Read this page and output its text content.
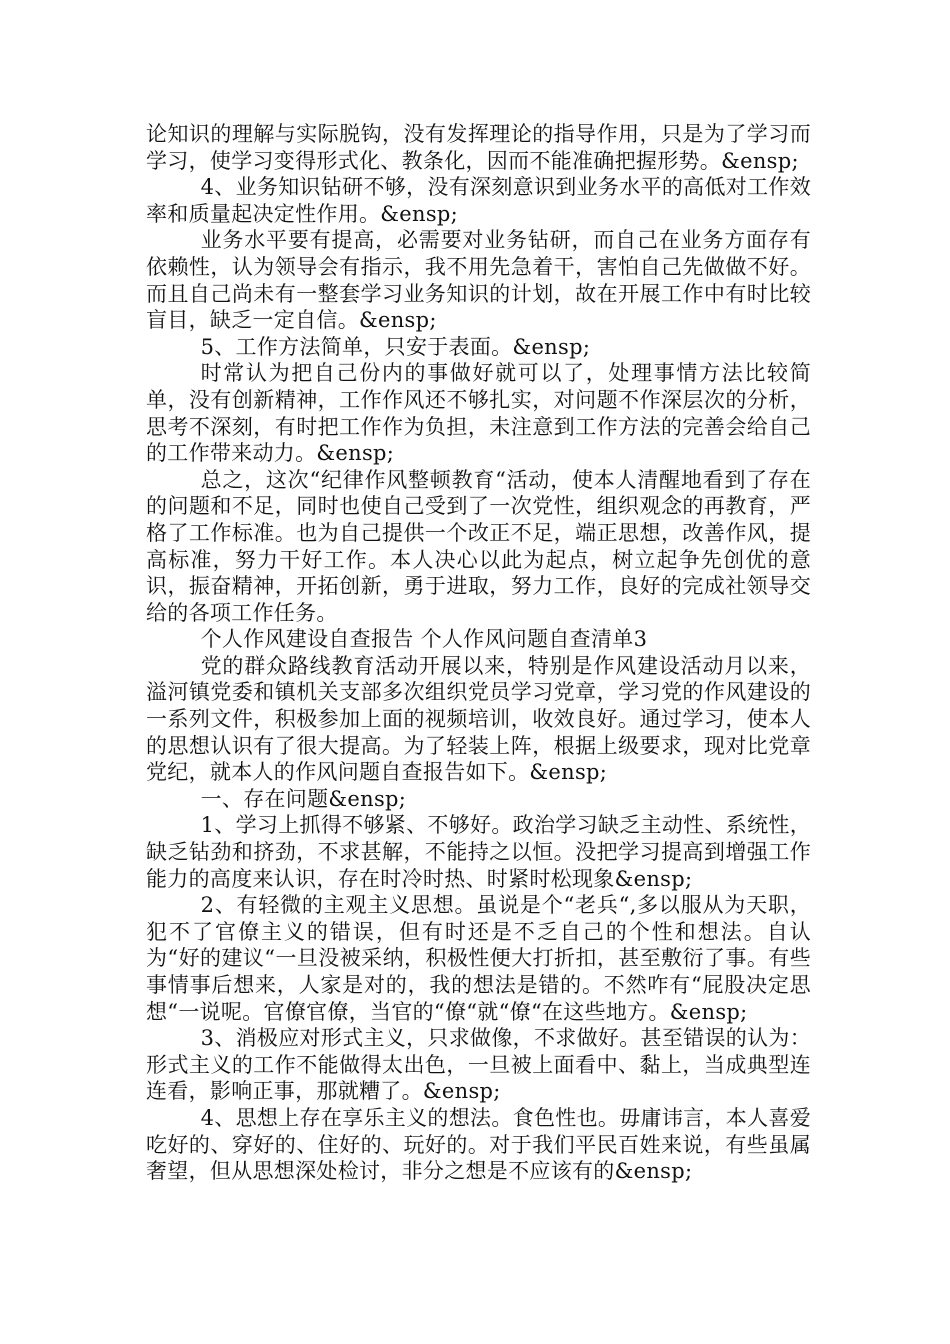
论知识的理解与实际脱钩，没有发挥理论的指导作用，只是为了学习而学习，使学习变得形式化、教条化，因而不能准确把握形势。&ensp;

4、业务知识钻研不够，没有深刻意识到业务水平的高低对工作效率和质量起决定性作用。&ensp;

业务水平要有提高，必需要对业务钻研，而自己在业务方面存有依赖性，认为领导会有指示，我不用先急着干，害怕自己先做做不好。而且自己尚未有一整套学习业务知识的计划，故在开展工作中有时比较盲目，缺乏一定自信。&ensp;

5、工作方法简单，只安于表面。&ensp;

时常认为把自己份内的事做好就可以了，处理事情方法比较简单，没有创新精神，工作作风还不够扎实，对问题不作深层次的分析，思考不深刻，有时把工作作为负担，未注意到工作方法的完善会给自己的工作带来动力。&ensp;

总之，这次“纪律作风整顿教育“活动，使本人清醒地看到了存在的问题和不足，同时也使自己受到了一次党性，组织观念的再教育，严格了工作标准。也为自己提供一个改正不足，端正思想，改善作风，提高标准，努力干好工作。本人决心以此为起点，树立起争先创优的意识，振奋精神，开拓创新，勇于进取，努力工作，良好的完成社领导交给的各项工作任务。

个人作风建设自查报告 个人作风问题自查清单3

党的群众路线教育活动开展以来，特别是作风建设活动月以来，溢河镇党委和镇机关支部多次组织党员学习党章，学习党的作风建设的一系列文件，积极参加上面的视频培训，收效良好。通过学习，使本人的思想认识有了很大提高。为了轻装上阵，根据上级要求，现对比党章党纪，就本人的作风问题自查报告如下。&ensp;

一、存在问题&ensp;

1、学习上抓得不够紧、不够好。政治学习缺乏主动性、系统性，缺乏钻劲和挤劲，不求甚解，不能持之以恒。没把学习提高到增强工作能力的高度来认识，存在时冷时热、时紧时松现象&ensp;

2、有轻微的主观主义思想。虽说是个“老兵“,多以服从为天职，犯不了官僚主义的错误，但有时还是不乏自己的个性和想法。自认为“好的建议“一旦没被采纳，积极性便大打折扣，甚至敷衍了事。有些事情事后想来，人家是对的，我的想法是错的。不然咋有“屁股决定思想“一说呢。官僚官僚，当官的“僚“就“僚“在这些地方。&ensp;

3、消极应对形式主义，只求做像，不求做好。甚至错误的认为：形式主义的工作不能做得太出色，一旦被上面看中、黏上，当成典型连连看，影响正事，那就糟了。&ensp;

4、思想上存在享乐主义的想法。食色性也。毋庸讳言，本人喜爱吃好的、穿好的、住好的、玩好的。对于我们平民百姓来说，有些虽属奢望，但从思想深处检讨，非分之想是不应该有的&ensp;
